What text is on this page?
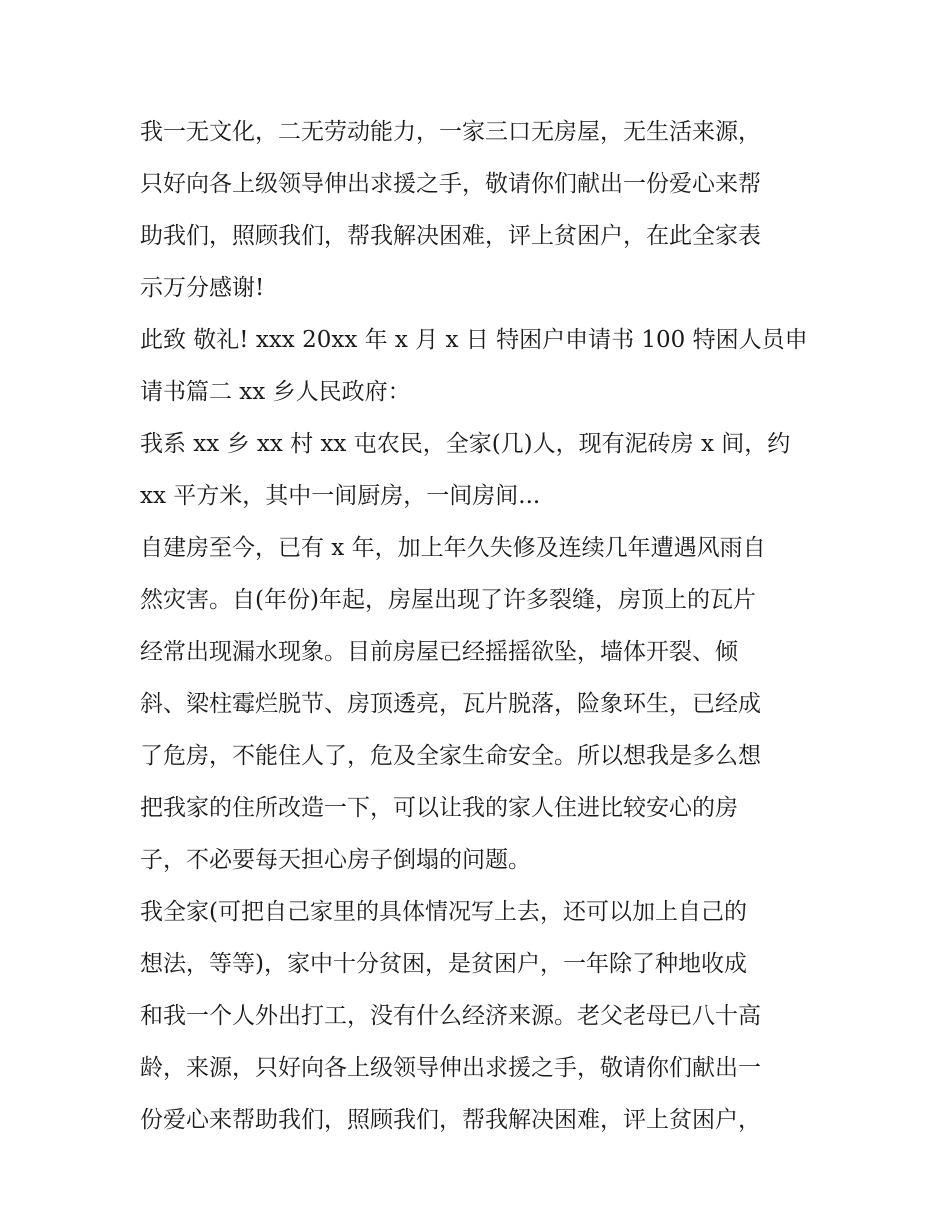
我一无文化，二无劳动能力，一家三口无房屋，无生活来源，
只好向各上级领导伸出求援之手，敬请你们献出一份爱心来帮
助我们，照顾我们，帮我解决困难，评上贫困户，在此全家表
示万分感谢!
此致 敬礼! xxx 20xx 年 x 月 x 日 特困户申请书 100 特困人员申
请书篇二 xx 乡人民政府：
我系 xx 乡 xx 村 xx 屯农民，全家(几)人，现有泥砖房 x 间，约
xx 平方米，其中一间厨房，一间房间...
自建房至今，已有 x 年，加上年久失修及连续几年遭遇风雨自
然灾害。自(年份)年起，房屋出现了许多裂缝，房顶上的瓦片
经常出现漏水现象。目前房屋已经摇摇欲坠，墙体开裂、倾
斜、梁柱霉烂脱节、房顶透亮，瓦片脱落，险象环生，已经成
了危房，不能住人了，危及全家生命安全。所以想我是多么想
把我家的住所改造一下，可以让我的家人住进比较安心的房
子，不必要每天担心房子倒塌的问题。
我全家(可把自己家里的具体情况写上去，还可以加上自己的
想法，等等)，家中十分贫困，是贫困户，一年除了种地收成
和我一个人外出打工，没有什么经济来源。老父老母已八十高
龄，来源，只好向各上级领导伸出求援之手，敬请你们献出一
份爱心来帮助我们，照顾我们，帮我解决困难，评上贫困户，
